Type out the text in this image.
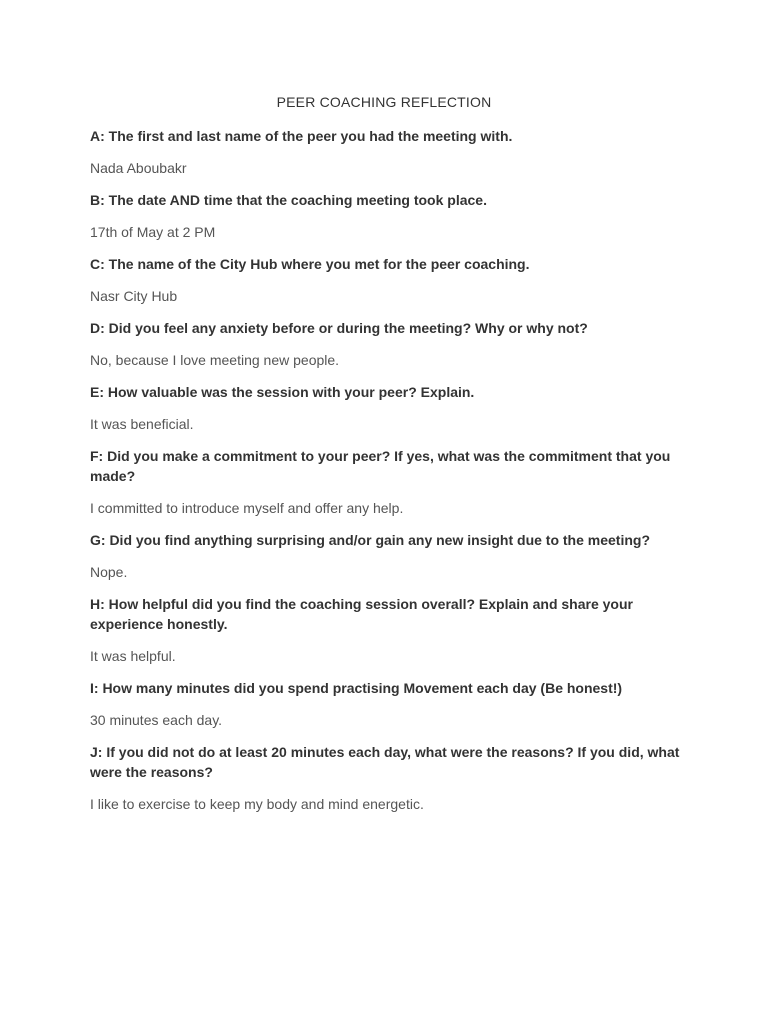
PEER COACHING REFLECTION

A: The first and last name of the peer you had the meeting with.

Nada Aboubakr

B: The date AND time that the coaching meeting took place.

17th of May at 2 PM

C: The name of the City Hub where you met for the peer coaching.

Nasr City Hub

D: Did you feel any anxiety before or during the meeting? Why or why not?

No, because I love meeting new people.

E: How valuable was the session with your peer? Explain.

It was beneficial.

F: Did you make a commitment to your peer? If yes, what was the commitment that you made?

I committed to introduce myself and offer any help.

G: Did you find anything surprising and/or gain any new insight due to the meeting?

Nope.

H: How helpful did you find the coaching session overall? Explain and share your experience honestly.

It was helpful.

I: How many minutes did you spend practising Movement each day (Be honest!)

30 minutes each day.

J: If you did not do at least 20 minutes each day, what were the reasons? If you did, what were the reasons?

I like to exercise to keep my body and mind energetic.
